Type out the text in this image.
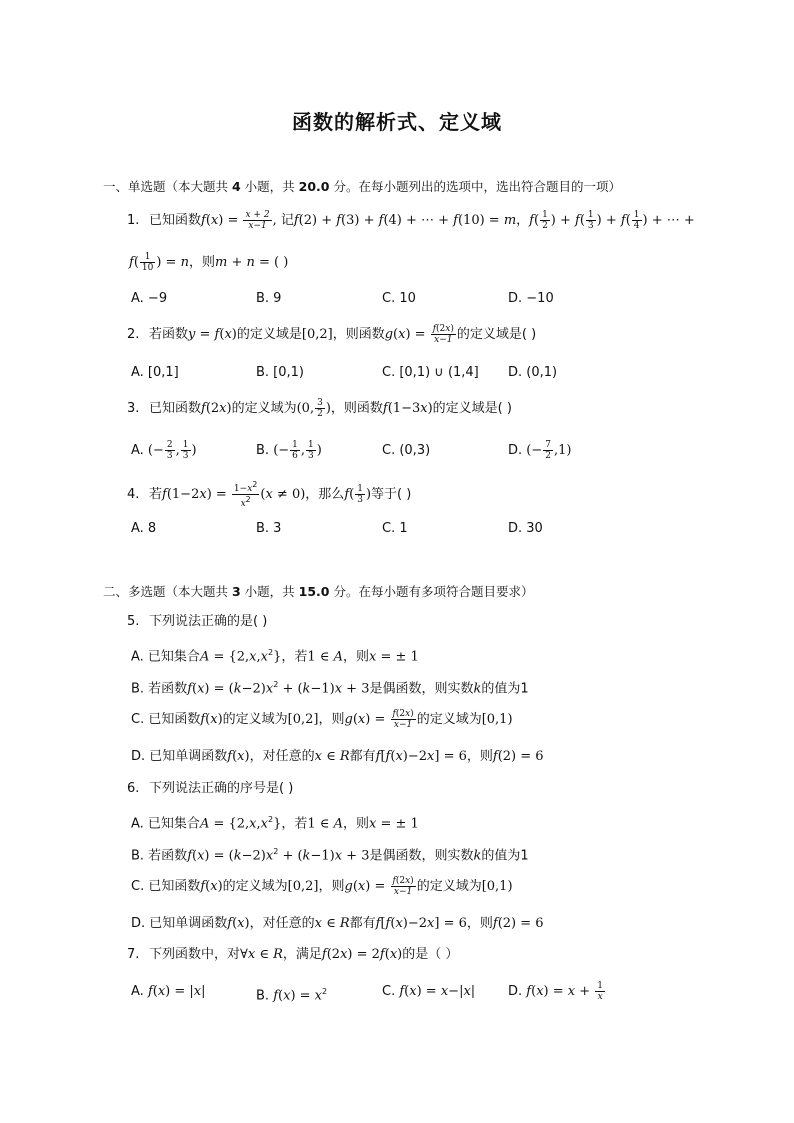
函数的解析式、定义域
一、单选题（本大题共 4 小题，共 20.0 分。在每小题列出的选项中，选出符合题目的一项）
1. 已知函数$f(x) = \frac{x + 2}{x-1}$ , 记f(2) + f(3) + f(4) + ⋯ + f(10) = m，$f( \frac{1}{2}$ ) + $f( \frac{1}{3}$ ) + $f( \frac{1}{4}$ ) + ⋯ +
$f( \frac{1}{10}$ ) = n，则m + n = ( )
A. −9	B. 9	C. 10	D. −10
2. 若函数y = f(x)的定义域是[0,2]，则函数$g(x) = \frac{f(2x)}{x-1}$ 的定义域是( )
A. [0,1]	B. [0,1)	C. [0,1) ∪ (1,4] D. (0,1)
3. 已知函数f(2x)的定义域为(0, $\frac{3}{2}$ )，则函数f(1−3x)的定义域是( )
A. (− $\frac{2}{3}$ , $\frac{1}{3}$ )	B. (− $\frac{1}{6}$ , $\frac{1}{3}$ )	C. (0,3)	D. (− $\frac{7}{2} ,1$)
4. 若$f(1-2x) = \frac{1-x^2}{x^2} (x \ne 0)$，那么$f( \frac{1}{3}$ )等于( )
A. 8	B. 3	C. 1	D. 30
二、多选题（本大题共 3 小题，共 15.0 分。在每小题有多项符合题目要求）
5. 下列说法正确的是( )
A. 已知集合$A = \{2,x,x^2\}$，若1 ∈ A，则x = ± 1
B. 若函数$f(x) = (k-2)x^2 + (k-1)x + 3$是偶函数，则实数k的值为1
C. 已知函数f(x)的定义域为[0,2]，则$g(x) = \frac{f(2x)}{x-1}$ 的定义域为[0,1)
D. 已知单调函数f(x)，对任意的x ∈ R都有f[f(x)−2x] = 6，则f(2) = 6
6. 下列说法正确的序号是( )
A. 已知集合$A = \{2,x,x^2\}$，若1 ∈ A，则x = ± 1
B. 若函数$f(x) = (k-2)x^2 + (k-1)x + 3$是偶函数，则实数k的值为1
C. 已知函数f(x)的定义域为[0,2]，则$g(x) = \frac{f(2x)}{x-1}$ 的定义域为[0,1)
D. 已知单调函数f(x)，对任意的x ∈ R都有f[f(x)−2x] = 6，则f(2) = 6
7. 下列函数中，对∀x ∈ R，满足f(2x) = 2f(x)的是（ ）
A. f(x) = |x|	B. $f(x) = x^2$	C. f(x) = x−|x|	D. $f(x) = x + \frac{1}{x}$
